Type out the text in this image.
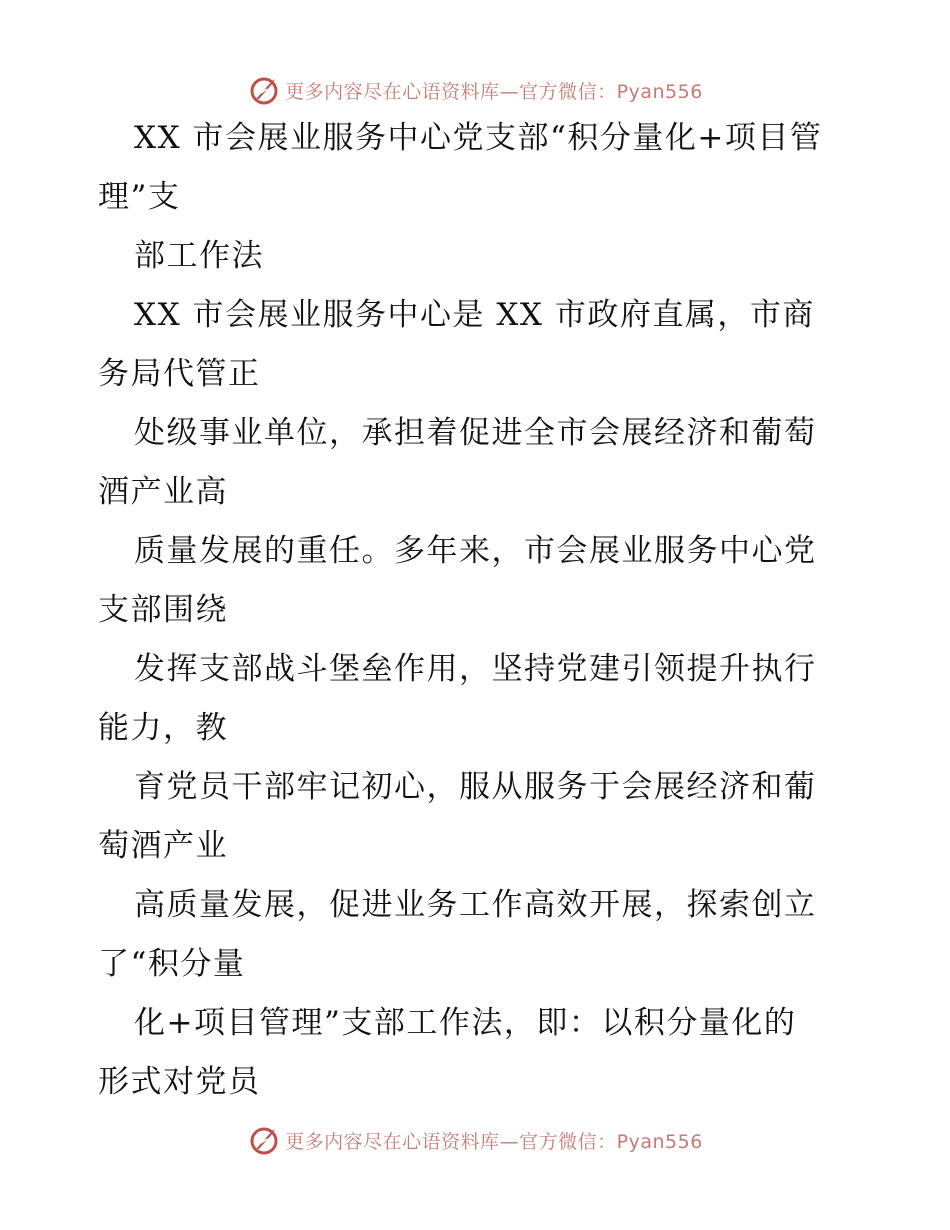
更多内容尽在心语资料库—官方微信：Pyan556
XX 市会展业服务中心党支部“积分量化+项目管
理”支
部工作法
XX 市会展业服务中心是 XX 市政府直属，市商
务局代管正
处级事业单位，承担着促进全市会展经济和葡萄
酒产业高
质量发展的重任。多年来，市会展业服务中心党
支部围绕
发挥支部战斗堡垒作用，坚持党建引领提升执行
能力，教
育党员干部牢记初心，服从服务于会展经济和葡
萄酒产业
高质量发展，促进业务工作高效开展，探索创立
了“积分量
化+项目管理”支部工作法，即：以积分量化的
形式对党员
更多内容尽在心语资料库—官方微信：Pyan556
